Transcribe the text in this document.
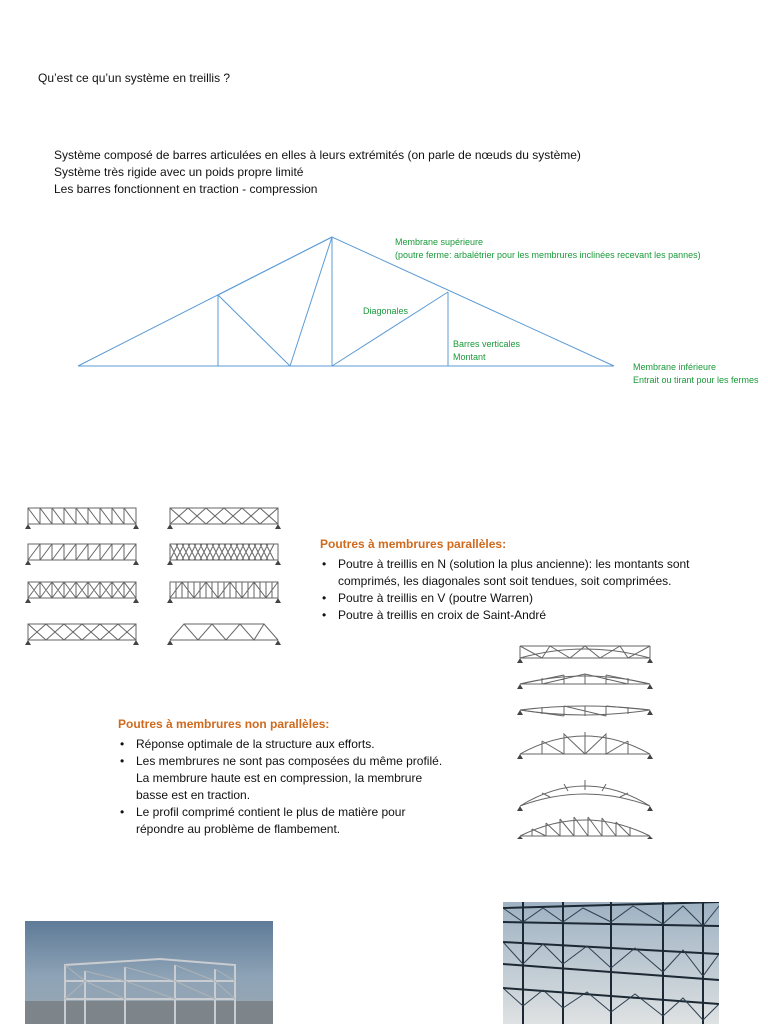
Qu’est ce qu’un système en treillis ?
Système composé de barres articulées en elles à leurs extrémités (on parle de nœuds du système)
Système très rigide avec un poids propre limité
Les barres fonctionnent en traction - compression
Membrane supérieure
(poutre ferme: arbalétrier pour les membrures inclinées recevant les pannes)
Diagonales
Barres verticales
Montant
Membrane inférieure
Entrait ou tirant pour les fermes
Poutres à membrures parallèles:
• Poutre à treillis en N (solution la plus ancienne): les montants sont comprimés, les diagonales sont soit tendues, soit comprimées.
• Poutre à treillis en V (poutre Warren)
• Poutre à treillis en croix de Saint-André
Poutres à membrures non parallèles:
• Réponse optimale de la structure aux efforts.
• Les membrures ne sont pas composées du même profilé. La membrure haute est en compression, la membrure basse est en traction.
• Le profil comprimé contient le plus de matière pour répondre au problème de flambement.
